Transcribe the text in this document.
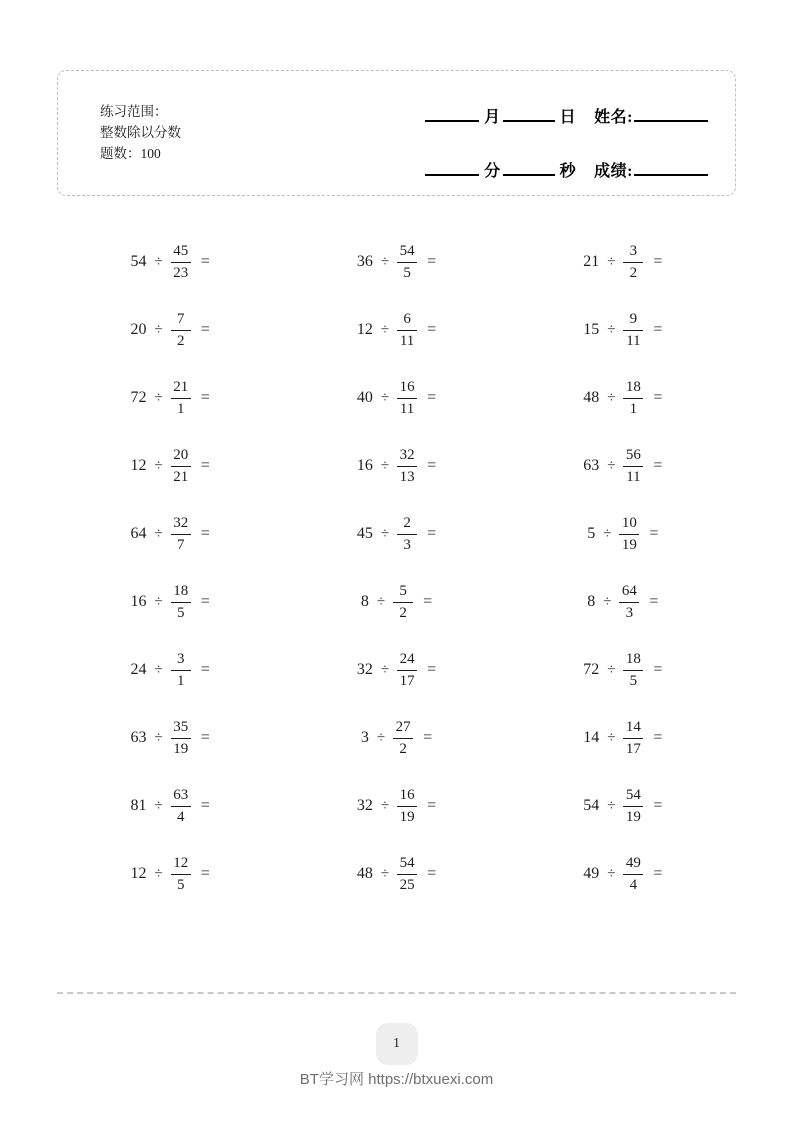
练习范围：
整数除以分数
题数：100
月	日 姓名:
分	秒 成绩:
$54 \div \frac{45}{23}$ =	$36 \div \frac{54}{5}$ =	$21 \div \frac{3}{2}$ =
$20 \div \frac{7}{2}$ =	$12 \div \frac{6}{11}$ =	$15 \div \frac{9}{11}$ =
$72 \div \frac{21}{1}$ =	$40 \div \frac{16}{11}$ =	$48 \div \frac{18}{1}$ =
$12 \div \frac{20}{21}$ =	$16 \div \frac{32}{13}$ =	$63 \div \frac{56}{11}$ =
$64 \div \frac{32}{7}$ =	$45 \div \frac{2}{3}$ =	$5 \div \frac{10}{19}$ =
$16 \div \frac{18}{5}$ =	$8 \div \frac{5}{2}$ =	$8 \div \frac{64}{3}$ =
$24 \div \frac{3}{1}$ =	$32 \div \frac{24}{17}$ =	$72 \div \frac{18}{5}$ =
$63 \div \frac{35}{19}$ =	$3 \div \frac{27}{2}$ =	$14 \div \frac{14}{17}$ =
$81 \div \frac{63}{4}$ =	$32 \div \frac{16}{19}$ =	$54 \div \frac{54}{19}$ =
$12 \div \frac{12}{5}$ =	$48 \div \frac{54}{25}$ =	$49 \div \frac{49}{4}$ =
1
BT学习网 https://btxuexi.com
